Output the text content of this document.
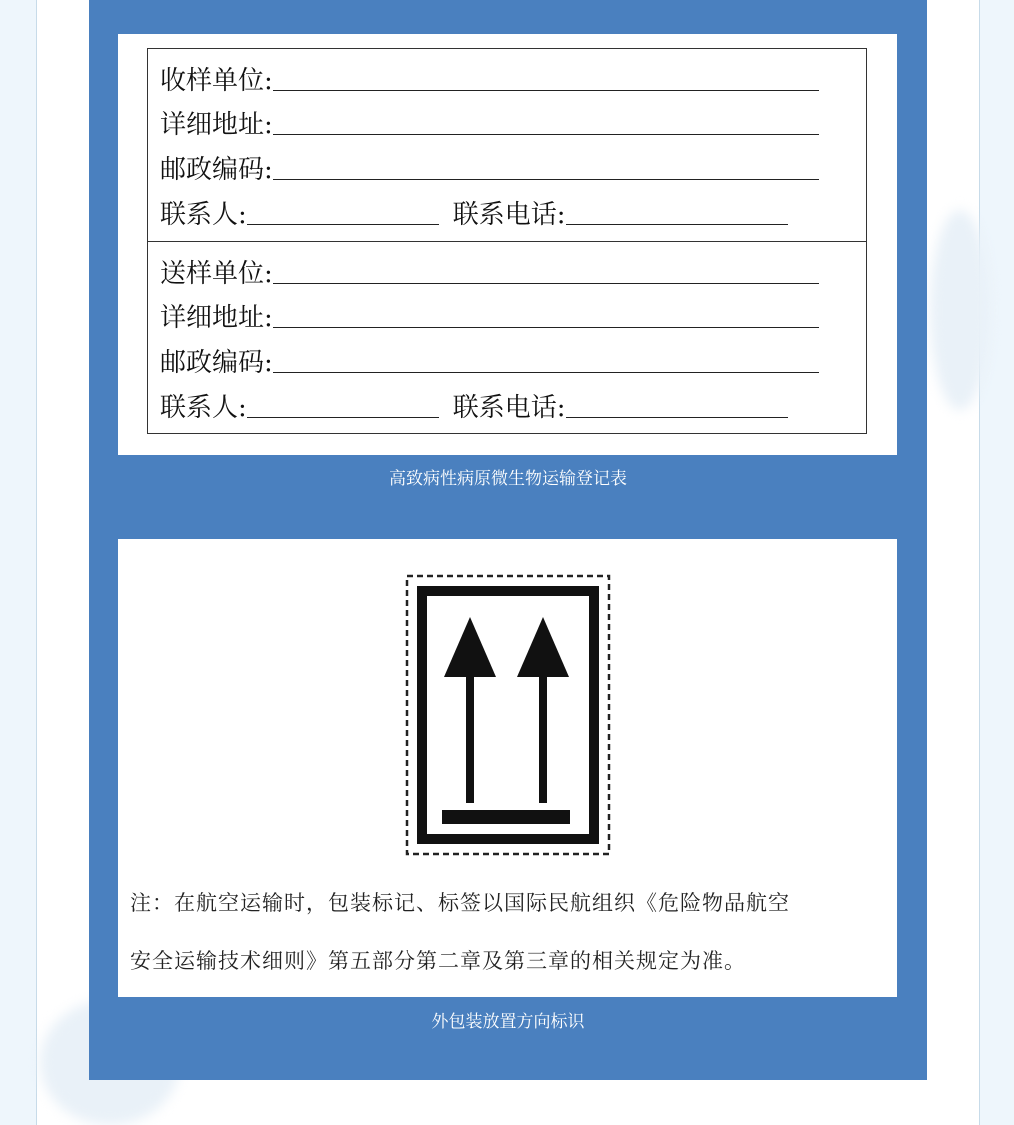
收样单位:
详细地址:
邮政编码:
联系人:	联系电话:
送样单位:
详细地址:
邮政编码:
联系人:	联系电话:
高致病性病原微生物运输登记表
注：在航空运输时，包装标记、标签以国际民航组织《危险物品航空
安全运输技术细则》第五部分第二章及第三章的相关规定为准。
外包装放置方向标识
